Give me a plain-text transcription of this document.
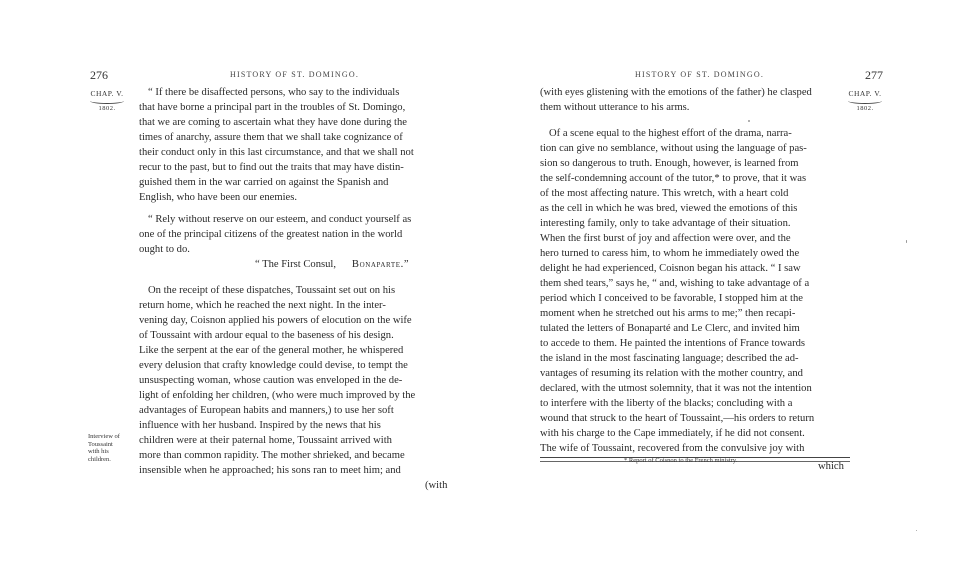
276	HISTORY OF ST. DOMINGO.
CHAP. V.
1802.
“ If there be disaffected persons, who say to the individuals
that have borne a principal part in the troubles of St. Domingo,
that we are coming to ascertain what they have done during the
times of anarchy, assure them that we shall take cognizance of
their conduct only in this last circumstance, and that we shall not
recur to the past, but to find out the traits that may have distin-
guished them in the war carried on against the Spanish and
English, who have been our enemies.
“ Rely without reserve on our esteem, and conduct yourself as
one of the principal citizens of the greatest nation in the world
ought to do.
“ The First Consul, Bonaparte.”
On the receipt of these dispatches, Toussaint set out on his
return home, which he reached the next night. In the inter-
vening day, Coisnon applied his powers of elocution on the wife
of Toussaint with ardour equal to the baseness of his design.
Like the serpent at the ear of the general mother, he whispered
every delusion that crafty knowledge could devise, to tempt the
unsuspecting woman, whose caution was enveloped in the de-
light of enfolding her children, (who were much improved by the
advantages of European habits and manners,) to use her soft
influence with her husband. Inspired by the news that his
children were at their paternal home, Toussaint arrived with
more than common rapidity. The mother shrieked, and became
insensible when he approached; his sons ran to meet him; and
Interview of
Toussaint
with his
children.
(with
HISTORY OF ST. DOMINGO.	277
CHAP. V.
1802.
(with eyes glistening with the emotions of the father) he clasped
them without utterance to his arms.
Of a scene equal to the highest effort of the drama, narra-
tion can give no semblance, without using the language of pas-
sion so dangerous to truth. Enough, however, is learned from
the self-condemning account of the tutor,* to prove, that it was
of the most affecting nature. This wretch, with a heart cold
as the cell in which he was bred, viewed the emotions of this
interesting family, only to take advantage of their situation.
When the first burst of joy and affection were over, and the
hero turned to caress him, to whom he immediately owed the
delight he had experienced, Coisnon began his attack. “ I saw
them shed tears,” says he, “ and, wishing to take advantage of a
period which I conceived to be favorable, I stopped him at the
moment when he stretched out his arms to me;” then recapi-
tulated the letters of Bonaparté and Le Clerc, and invited him
to accede to them. He painted the intentions of France towards
the island in the most fascinating language; described the ad-
vantages of resuming its relation with the mother country, and
declared, with the utmost solemnity, that it was not the intention
to interfere with the liberty of the blacks; concluding with a
wound that struck to the heart of Toussaint,—his orders to return
with his charge to the Cape immediately, if he did not consent.
The wife of Toussaint, recovered from the convulsive joy with
* Report of Coisnon to the French ministry.
which
